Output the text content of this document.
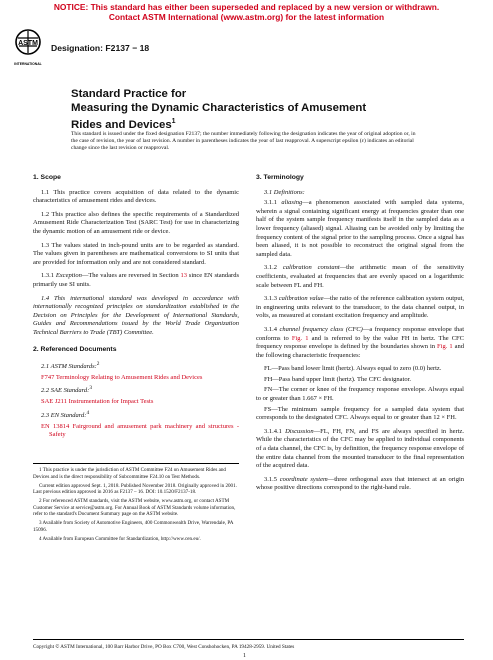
NOTICE: This standard has either been superseded and replaced by a new version or withdrawn.
Contact ASTM International (www.astm.org) for the latest information
ASTM
INTERNATIONAL
Designation: F2137 − 18
Standard Practice for
Measuring the Dynamic Characteristics of Amusement
Rides and Devices$^1$
This standard is issued under the fixed designation F2137; the number immediately following the designation indicates the year of original adoption or, in the case of revision, the year of last revision. A number in parentheses indicates the year of last reapproval. A superscript epsilon (ε) indicates an editorial change since the last revision or reapproval.
1. Scope
1.1 This practice covers acquisition of data related to the dynamic characteristics of amusement rides and devices.
1.2 This practice also defines the specific requirements of a Standardized Amusement Ride Characterization Test (SARC Test) for use in characterizing the dynamic motion of an amusement ride or device.
1.3 The values stated in inch-pound units are to be regarded as standard. The values given in parentheses are mathematical conversions to SI units that are provided for information only and are not considered standard.
1.3.1 Exception—The values are reversed in Section 13 since EN standards primarily use SI units.
1.4 This international standard was developed in accordance with internationally recognized principles on standardization established in the Decision on Principles for the Development of International Standards, Guides and Recommendations issued by the World Trade Organization Technical Barriers to Trade (TBT) Committee.
2. Referenced Documents
2.1 ASTM Standards:$^2$
F747 Terminology Relating to Amusement Rides and Devices
2.2 SAE Standard:$^3$
SAE J211 Instrumentation for Impact Tests
2.3 EN Standard:$^4$
EN 13814 Fairground and amusement park machinery and structures - Safety
1 This practice is under the jurisdiction of ASTM Committee F24 on Amusement Rides and Devices and is the direct responsibility of Subcommittee F24.10 on Test Methods.
Current edition approved Sept. 1, 2018. Published November 2018. Originally approved in 2001. Last previous edition approved in 2016 as F2137 – 16. DOI: 10.1520/F2137-18.
2 For referenced ASTM standards, visit the ASTM website, www.astm.org, or contact ASTM Customer Service at service@astm.org. For Annual Book of ASTM Standards volume information, refer to the standard's Document Summary page on the ASTM website.
3 Available from Society of Automotive Engineers, 400 Commonwealth Drive, Warrendale, PA 15096.
4 Available from European Committee for Standardization, http://www.cen.eu/.
3. Terminology
3.1 Definitions:
3.1.1 aliasing—a phenomenon associated with sampled data systems, wherein a signal containing significant energy at frequencies greater than one half of the system sample frequency manifests itself in the sampled data as a lower frequency (aliased) signal. Aliasing can be avoided only by limiting the frequency content of the signal prior to the sampling process. Once a signal has been aliased, it is not possible to reconstruct the original signal from the sampled data.
3.1.2 calibration constant—the arithmetic mean of the sensitivity coefficients, evaluated at frequencies that are evenly spaced on a logarithmic scale between FL and FH.
3.1.3 calibration value—the ratio of the reference calibration system output, in engineering units relevant to the transducer, to the data channel output, in volts, as measured at constant excitation frequency and amplitude.
3.1.4 channel frequency class (CFC)—a frequency response envelope that conforms to Fig. 1 and is referred to by the value FH in hertz. The CFC frequency response envelope is defined by the boundaries shown in Fig. 1 and the following characteristic frequencies:
FL—Pass band lower limit (hertz). Always equal to zero (0.0) hertz.
FH—Pass band upper limit (hertz). The CFC designator.
FN—The corner or knee of the frequency response envelope. Always equal to or greater than 1.667 × FH.
FS—The minimum sample frequency for a sampled data system that corresponds to the designated CFC. Always equal to or greater than 12 × FH.
3.1.4.1 Discussion—FL, FH, FN, and FS are always specified in hertz. While the characteristics of the CFC may be applied to individual components of a data channel, the CFC is, by definition, the frequency response envelope of the entire data channel from the mounted transducer to the final representation of the acquired data.
3.1.5 coordinate system—three orthogonal axes that intersect at an origin whose positive directions correspond to the right-hand rule.
Copyright © ASTM International, 100 Barr Harbor Drive, PO Box C700, West Conshohocken, PA 19428-2959. United States
1
